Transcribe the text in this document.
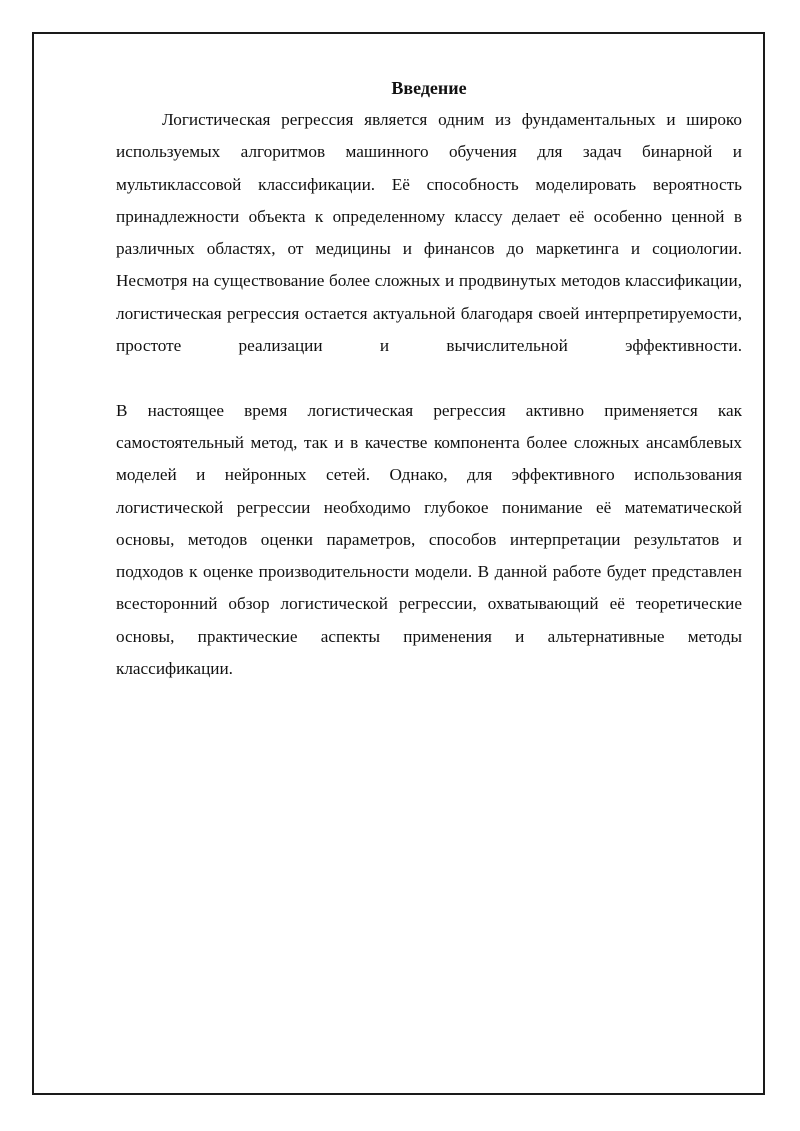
Введение

Логистическая регрессия является одним из фундаментальных и широко используемых алгоритмов машинного обучения для задач бинарной и мультиклассовой классификации. Её способность моделировать вероятность принадлежности объекта к определенному классу делает её особенно ценной в различных областях, от медицины и финансов до маркетинга и социологии. Несмотря на существование более сложных и продвинутых методов классификации, логистическая регрессия остается актуальной благодаря своей интерпретируемости, простоте реализации и вычислительной эффективности.

В настоящее время логистическая регрессия активно применяется как самостоятельный метод, так и в качестве компонента более сложных ансамблевых моделей и нейронных сетей. Однако, для эффективного использования логистической регрессии необходимо глубокое понимание её математической основы, методов оценки параметров, способов интерпретации результатов и подходов к оценке производительности модели. В данной работе будет представлен всесторонний обзор логистической регрессии, охватывающий её теоретические основы, практические аспекты применения и альтернативные методы классификации.
